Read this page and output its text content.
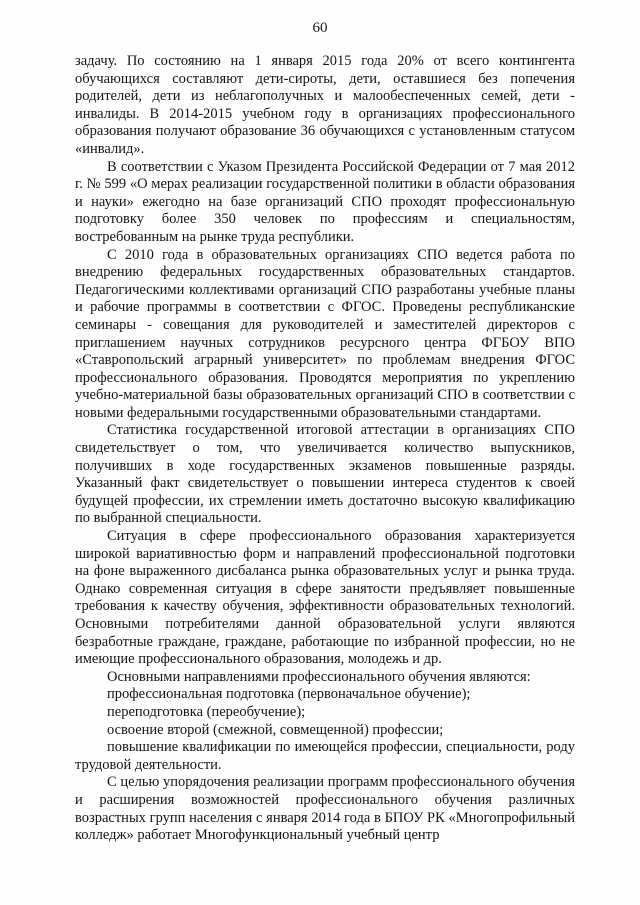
60

задачу. По состоянию на 1 января 2015 года 20% от всего контингента обучающихся составляют дети-сироты, дети, оставшиеся без попечения родителей, дети из неблагополучных и малообеспеченных семей, дети - инвалиды. В 2014-2015 учебном году в организациях профессионального образования получают образование 36 обучающихся с установленным статусом «инвалид».

В соответствии с Указом Президента Российской Федерации от 7 мая 2012 г. № 599 «О мерах реализации государственной политики в области образования и науки» ежегодно на базе организаций СПО проходят профессиональную подготовку более 350 человек по профессиям и специальностям, востребованным на рынке труда республики.

С 2010 года в образовательных организациях СПО ведется работа по внедрению федеральных государственных образовательных стандартов. Педагогическими коллективами организаций СПО разработаны учебные планы и рабочие программы в соответствии с ФГОС. Проведены республиканские семинары - совещания для руководителей и заместителей директоров с приглашением научных сотрудников ресурсного центра ФГБОУ ВПО «Ставропольский аграрный университет» по проблемам внедрения ФГОС профессионального образования. Проводятся мероприятия по укреплению учебно-материальной базы образовательных организаций СПО в соответствии с новыми федеральными государственными образовательными стандартами.

Статистика государственной итоговой аттестации в организациях СПО свидетельствует о том, что увеличивается количество выпускников, получивших в ходе государственных экзаменов повышенные разряды. Указанный факт свидетельствует о повышении интереса студентов к своей будущей профессии, их стремлении иметь достаточно высокую квалификацию по выбранной специальности.

Ситуация в сфере профессионального образования характеризуется широкой вариативностью форм и направлений профессиональной подготовки на фоне выраженного дисбаланса рынка образовательных услуг и рынка труда. Однако современная ситуация в сфере занятости предъявляет повышенные требования к качеству обучения, эффективности образовательных технологий. Основными потребителями данной образовательной услуги являются безработные граждане, граждане, работающие по избранной профессии, но не имеющие профессионального образования, молодежь и др.

Основными направлениями профессионального обучения являются:

профессиональная подготовка (первоначальное обучение);

переподготовка (переобучение);

освоение второй (смежной, совмещенной) профессии;

повышение квалификации по имеющейся профессии, специальности, роду трудовой деятельности.

С целью упорядочения реализации программ профессионального обучения и расширения возможностей профессионального обучения различных возрастных групп населения с января 2014 года в БПОУ РК «Многопрофильный колледж» работает Многофункциональный учебный центр
